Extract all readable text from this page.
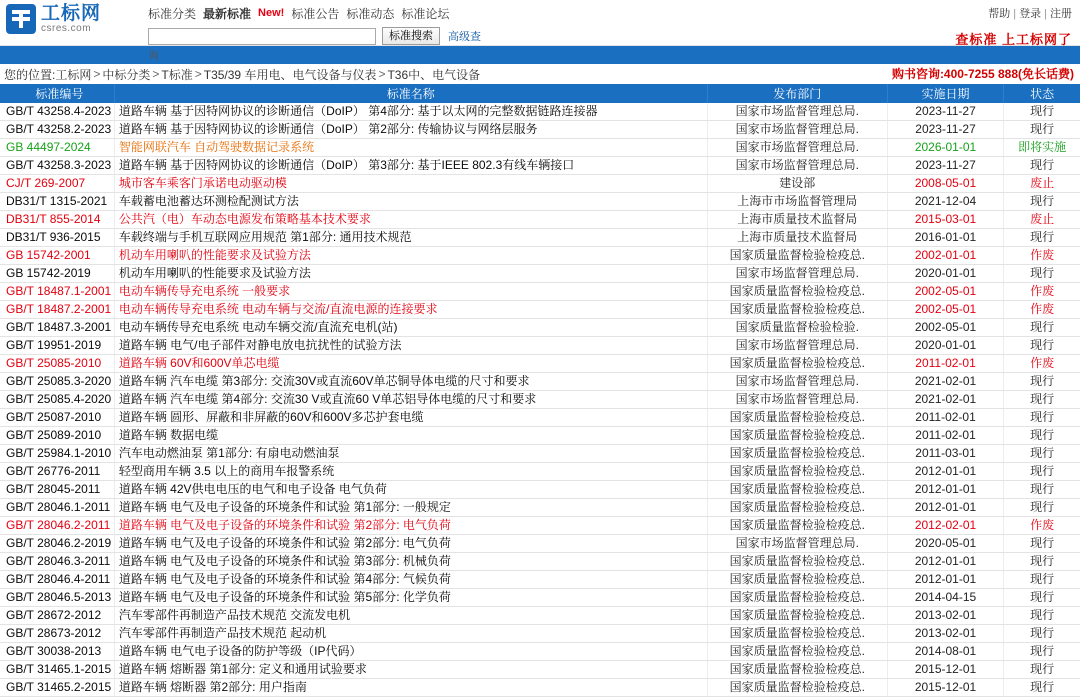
工标网
csres.com
标准分类 最新标准 New! 标准公告 标准动态 标准论坛
标准搜索	高级查
询
帮助 | 登录 | 注册
查标准 上工标网了
您的位置:工标网 > 中标分类 > T标准 > T35/39 车用电、电气设备与仪表 > T36中、电气设备	购书咨询:400-7255 888(免长话费)
标准编号	标准名称	发布部门	实施日期	状态
GB/T 43258.4-2023	道路车辆 基于因特网协议的诊断通信（DoIP） 第4部分: 基于以太网的完整数据链路连接器	国家市场监督管理总局.	2023-11-27	现行
GB/T 43258.2-2023	道路车辆 基于因特网协议的诊断通信（DoIP） 第2部分: 传输协议与网络层服务	国家市场监督管理总局.	2023-11-27	现行
GB 44497-2024	智能网联汽车 自动驾驶数据记录系统	国家市场监督管理总局.	2026-01-01	即将实施
GB/T 43258.3-2023	道路车辆 基于因特网协议的诊断通信（DoIP） 第3部分: 基于IEEE 802.3有线车辆接口	国家市场监督管理总局.	2023-11-27	现行
CJ/T 269-2007	城市客车乘客门承诺电动驱动模	建设部	2008-05-01	废止
DB31/T 1315-2021	车载蓄电池蓄达环测检配测试方法	上海市市场监督管理局	2021-12-04	现行
DB31/T 855-2014	公共汽（电）车动态电源发布策略基本技术要求	上海市质量技术监督局	2015-03-01	废止
DB31/T 936-2015	车载终端与手机互联网应用规范 第1部分: 通用技术规范	上海市质量技术监督局	2016-01-01	现行
GB 15742-2001	机动车用喇叭的性能要求及试验方法	国家质量监督检验检疫总.	2002-01-01	作废
GB 15742-2019	机动车用喇叭的性能要求及试验方法	国家市场监督管理总局.	2020-01-01	现行
GB/T 18487.1-2001	电动车辆传导充电系统 一般要求	国家质量监督检验检疫总.	2002-05-01	作废
GB/T 18487.2-2001	电动车辆传导充电系统 电动车辆与交流/直流电源的连接要求	国家质量监督检验检疫总.	2002-05-01	作废
GB/T 18487.3-2001	电动车辆传导充电系统 电动车辆交流/直流充电机(站)	国家质量监督检验检验.	2002-05-01	现行
GB/T 19951-2019	道路车辆 电气/电子部件对静电放电抗扰性的试验方法	国家市场监督管理总局.	2020-01-01	现行
GB/T 25085-2010	道路车辆 60V和600V单芯电缆	国家质量监督检验检疫总.	2011-02-01	作废
GB/T 25085.3-2020	道路车辆 汽车电缆 第3部分: 交流30V或直流60V单芯铜导体电缆的尺寸和要求	国家市场监督管理总局.	2021-02-01	现行
GB/T 25085.4-2020	道路车辆 汽车电缆 第4部分: 交流30 V或直流60 V单芯铝导体电缆的尺寸和要求	国家市场监督管理总局.	2021-02-01	现行
GB/T 25087-2010	道路车辆 圆形、屏蔽和非屏蔽的60V和600V多芯护套电缆	国家质量监督检验检疫总.	2011-02-01	现行
GB/T 25089-2010	道路车辆 数据电缆	国家质量监督检验检疫总.	2011-02-01	现行
GB/T 25984.1-2010	汽车电动燃油泵 第1部分: 有扇电动燃油泵	国家质量监督检验检疫总.	2011-03-01	现行
GB/T 26776-2011	轻型商用车辆 3.5 以上的商用车报警系统	国家质量监督检验检疫总.	2012-01-01	现行
GB/T 28045-2011	道路车辆 42V供电电压的电气和电子设备 电气负荷	国家质量监督检验检疫总.	2012-01-01	现行
GB/T 28046.1-2011	道路车辆 电气及电子设备的环境条件和试验 第1部分: 一般规定	国家质量监督检验检疫总.	2012-01-01	现行
GB/T 28046.2-2011	道路车辆 电气及电子设备的环境条件和试验 第2部分: 电气负荷	国家质量监督检验检疫总.	2012-02-01	作废
GB/T 28046.2-2019	道路车辆 电气及电子设备的环境条件和试验 第2部分: 电气负荷	国家市场监督管理总局.	2020-05-01	现行
GB/T 28046.3-2011	道路车辆 电气及电子设备的环境条件和试验 第3部分: 机械负荷	国家质量监督检验检疫总.	2012-01-01	现行
GB/T 28046.4-2011	道路车辆 电气及电子设备的环境条件和试验 第4部分: 气候负荷	国家质量监督检验检疫总.	2012-01-01	现行
GB/T 28046.5-2013	道路车辆 电气及电子设备的环境条件和试验 第5部分: 化学负荷	国家质量监督检验检疫总.	2014-04-15	现行
GB/T 28672-2012	汽车零部件再制造产品技术规范 交流发电机	国家质量监督检验检疫总.	2013-02-01	现行
GB/T 28673-2012	汽车零部件再制造产品技术规范 起动机	国家质量监督检验检疫总.	2013-02-01	现行
GB/T 30038-2013	道路车辆 电气电子设备的防护等级（IP代码）	国家质量监督检验检疫总.	2014-08-01	现行
GB/T 31465.1-2015	道路车辆 熔断器 第1部分: 定义和通用试验要求	国家质量监督检验检疫总.	2015-12-01	现行
GB/T 31465.2-2015	道路车辆 熔断器 第2部分: 用户指南	国家质量监督检验检疫总.	2015-12-01	现行
